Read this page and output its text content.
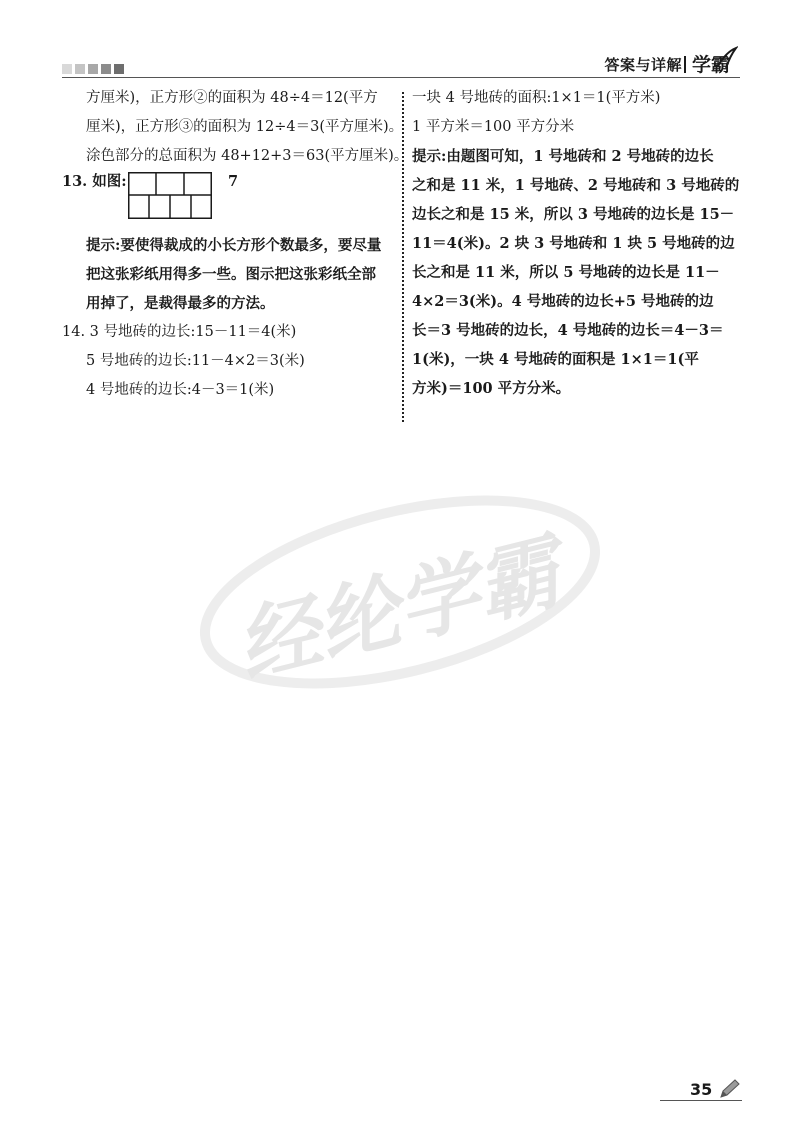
答案与详解 学霸
方厘米)，正方形②的面积为 48÷4＝12(平方
厘米)，正方形③的面积为 12÷4＝3(平方厘米)。
涂色部分的总面积为 48+12+3＝63(平方厘米)。
13. 如图:	7
提示:要使得裁成的小长方形个数最多，要尽量
把这张彩纸用得多一些。图示把这张彩纸全部
用掉了，是裁得最多的方法。
14. 3 号地砖的边长:15－11＝4(米)
5 号地砖的边长:11－4×2＝3(米)
4 号地砖的边长:4－3＝1(米)
一块 4 号地砖的面积:1×1＝1(平方米)
1 平方米＝100 平方分米
提示:由题图可知，1 号地砖和 2 号地砖的边长
之和是 11 米，1 号地砖、2 号地砖和 3 号地砖的
边长之和是 15 米，所以 3 号地砖的边长是 15－
11＝4(米)。2 块 3 号地砖和 1 块 5 号地砖的边
长之和是 11 米，所以 5 号地砖的边长是 11－
4×2＝3(米)。4 号地砖的边长+5 号地砖的边
长＝3 号地砖的边长，4 号地砖的边长＝4－3＝
1(米)，一块 4 号地砖的面积是 1×1＝1(平
方米)＝100 平方分米。
经纶学霸
35
